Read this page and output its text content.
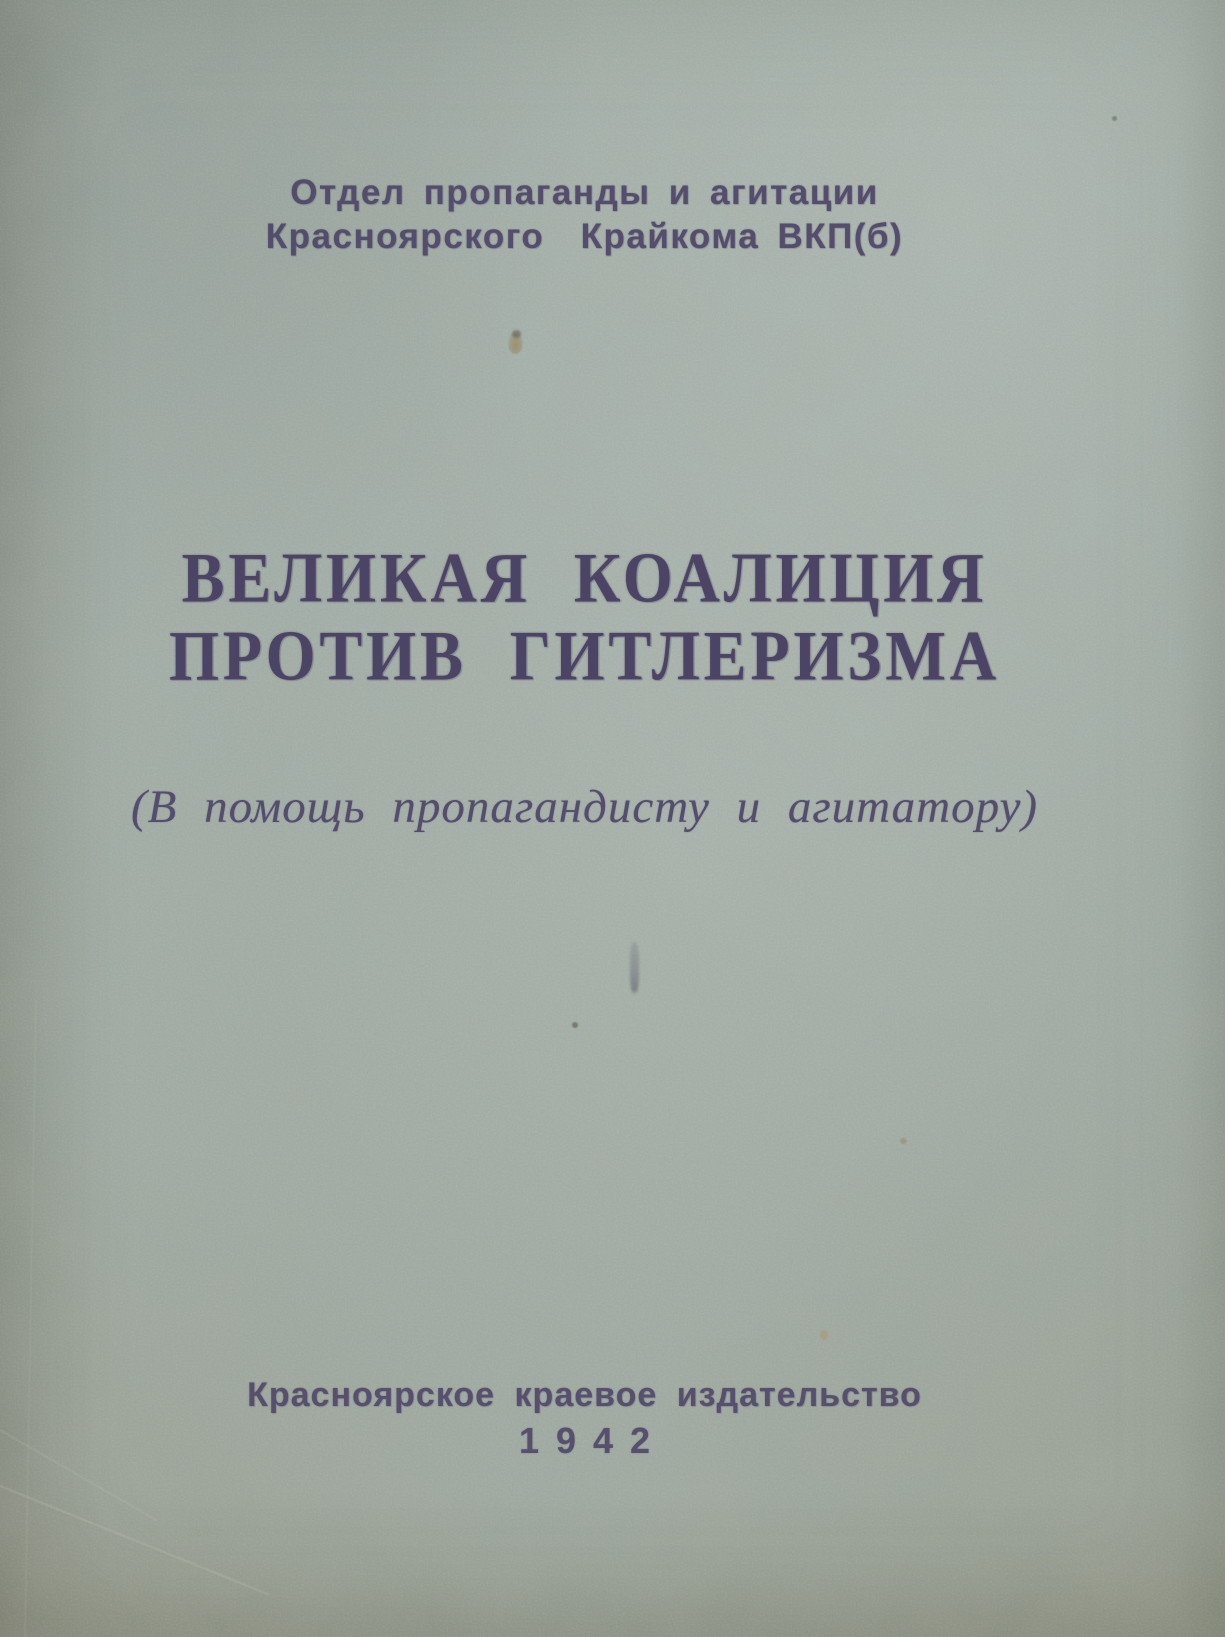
Отдел пропаганды и агитации
Красноярского  Крайкома ВКП(б)
ВЕЛИКАЯ КОАЛИЦИЯ
ПРОТИВ ГИТЛЕРИЗМА
(В помощь пропагандисту и агитатору)
Красноярское краевое издательство
1942
